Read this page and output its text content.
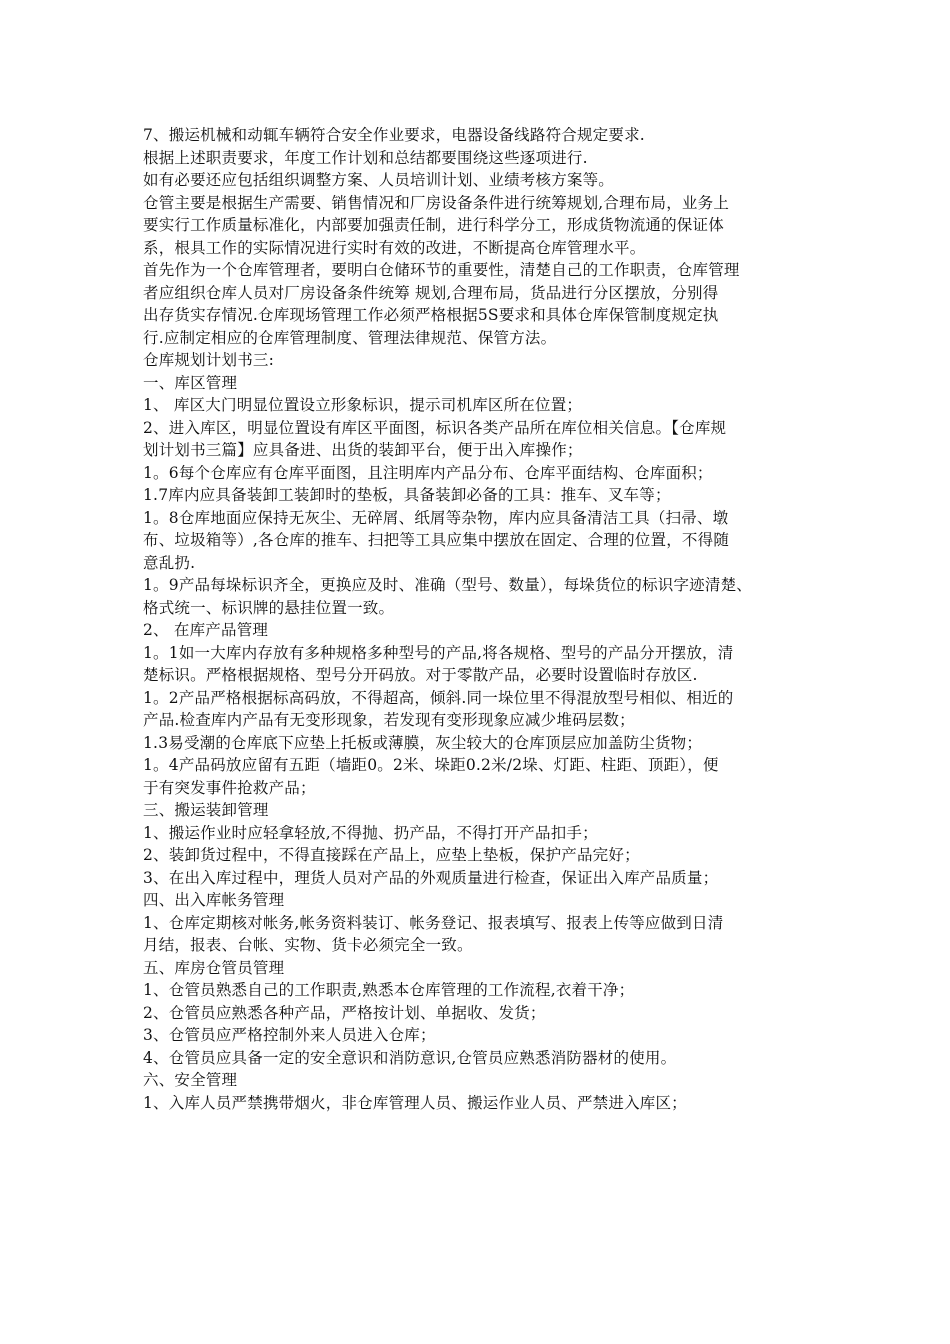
7、搬运机械和动辄车辆符合安全作业要求，电器设备线路符合规定要求.
根据上述职责要求，年度工作计划和总结都要围绕这些逐项进行.
如有必要还应包括组织调整方案、人员培训计划、业绩考核方案等。
仓管主要是根据生产需要、销售情况和厂房设备条件进行统筹规划,合理布局，业务上
要实行工作质量标准化，内部要加强责任制，进行科学分工，形成货物流通的保证体
系，根具工作的实际情况进行实时有效的改进，不断提高仓库管理水平。
首先作为一个仓库管理者，要明白仓储环节的重要性，清楚自己的工作职责，仓库管理
者应组织仓库人员对厂房设备条件统筹 规划,合理布局，货品进行分区摆放，分别得
出存货实存情况.仓库现场管理工作必须严格根据5S要求和具体仓库保管制度规定执
行.应制定相应的仓库管理制度、管理法律规范、保管方法。
仓库规划计划书三:
一、库区管理
1、 库区大门明显位置设立形象标识，提示司机库区所在位置；
2、进入库区，明显位置设有库区平面图，标识各类产品所在库位相关信息。【仓库规
划计划书三篇】应具备进、出货的装卸平台，便于出入库操作；
1。6每个仓库应有仓库平面图，且注明库内产品分布、仓库平面结构、仓库面积；
1.7库内应具备装卸工装卸时的垫板，具备装卸必备的工具：推车、叉车等；
1。8仓库地面应保持无灰尘、无碎屑、纸屑等杂物，库内应具备清洁工具（扫帚、墩
布、垃圾箱等）,各仓库的推车、扫把等工具应集中摆放在固定、合理的位置，不得随
意乱扔.
1。9产品每垛标识齐全，更换应及时、准确（型号、数量），每垛货位的标识字迹清楚、
格式统一、标识牌的悬挂位置一致。
2、 在库产品管理
1。1如一大库内存放有多种规格多种型号的产品,将各规格、型号的产品分开摆放，清
楚标识。严格根据规格、型号分开码放。对于零散产品，必要时设置临时存放区.
1。2产品严格根据标高码放，不得超高，倾斜.同一垛位里不得混放型号相似、相近的
产品.检查库内产品有无变形现象，若发现有变形现象应减少堆码层数；
1.3易受潮的仓库底下应垫上托板或薄膜，灰尘较大的仓库顶层应加盖防尘货物；
1。4产品码放应留有五距（墙距0。2米、垛距0.2米/2垛、灯距、柱距、顶距），便
于有突发事件抢救产品；
三、搬运装卸管理
1、搬运作业时应轻拿轻放,不得抛、扔产品，不得打开产品扣手；
2、装卸货过程中，不得直接踩在产品上，应垫上垫板，保护产品完好；
3、在出入库过程中，理货人员对产品的外观质量进行检查，保证出入库产品质量；
四、出入库帐务管理
1、仓库定期核对帐务,帐务资料装订、帐务登记、报表填写、报表上传等应做到日清
月结，报表、台帐、实物、货卡必须完全一致。
五、库房仓管员管理
1、仓管员熟悉自己的工作职责,熟悉本仓库管理的工作流程,衣着干净；
2、仓管员应熟悉各种产品，严格按计划、单据收、发货；
3、仓管员应严格控制外来人员进入仓库；
4、仓管员应具备一定的安全意识和消防意识,仓管员应熟悉消防器材的使用。
六、安全管理
1、入库人员严禁携带烟火，非仓库管理人员、搬运作业人员、严禁进入库区；
